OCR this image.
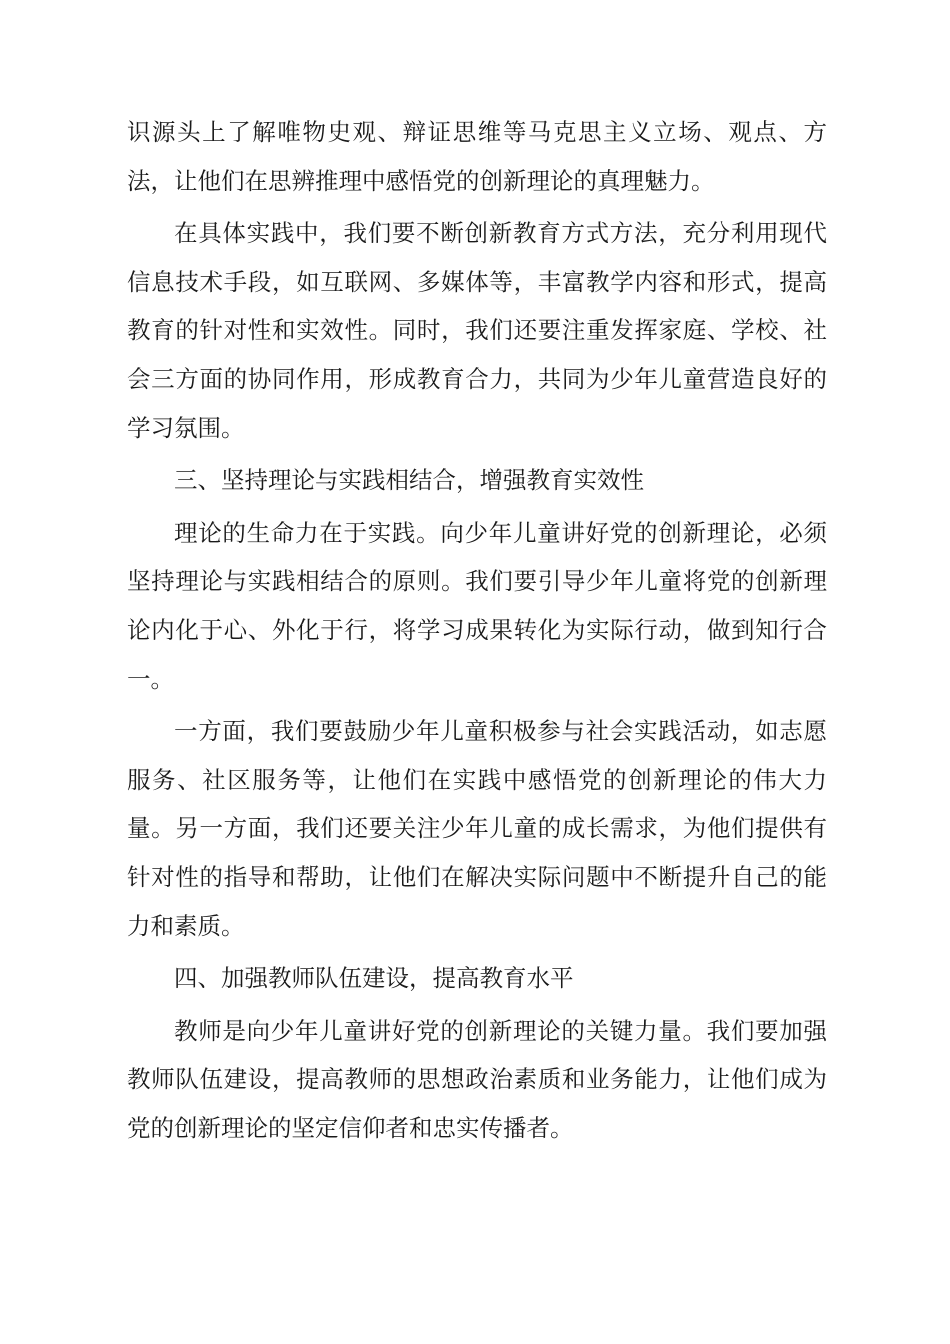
识源头上了解唯物史观、辩证思维等马克思主义立场、观点、方法，让他们在思辨推理中感悟党的创新理论的真理魅力。

在具体实践中，我们要不断创新教育方式方法，充分利用现代信息技术手段，如互联网、多媒体等，丰富教学内容和形式，提高教育的针对性和实效性。同时，我们还要注重发挥家庭、学校、社会三方面的协同作用，形成教育合力，共同为少年儿童营造良好的学习氛围。

三、坚持理论与实践相结合，增强教育实效性

理论的生命力在于实践。向少年儿童讲好党的创新理论，必须坚持理论与实践相结合的原则。我们要引导少年儿童将党的创新理论内化于心、外化于行，将学习成果转化为实际行动，做到知行合一。

一方面，我们要鼓励少年儿童积极参与社会实践活动，如志愿服务、社区服务等，让他们在实践中感悟党的创新理论的伟大力量。另一方面，我们还要关注少年儿童的成长需求，为他们提供有针对性的指导和帮助，让他们在解决实际问题中不断提升自己的能力和素质。

四、加强教师队伍建设，提高教育水平

教师是向少年儿童讲好党的创新理论的关键力量。我们要加强教师队伍建设，提高教师的思想政治素质和业务能力，让他们成为党的创新理论的坚定信仰者和忠实传播者。
